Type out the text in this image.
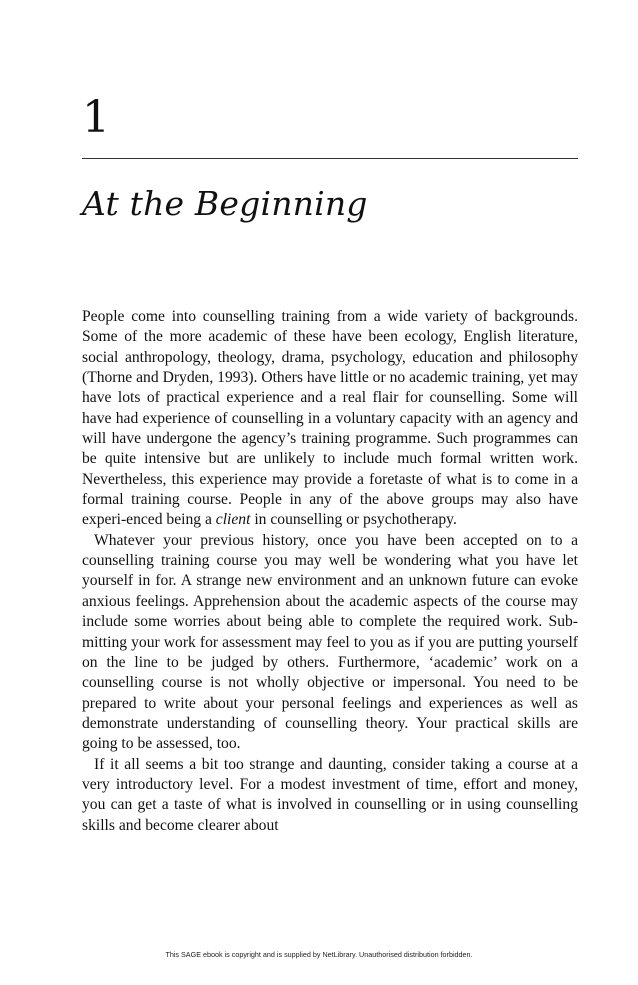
1
At the Beginning

People come into counselling training from a wide variety of backgrounds. Some of the more academic of these have been ecology, English literature, social anthropology, theology, drama, psychology, education and philosophy (Thorne and Dryden, 1993). Others have little or no academic training, yet may have lots of practical experience and a real flair for counselling. Some will have had experience of counselling in a voluntary capacity with an agency and will have undergone the agency’s training programme. Such programmes can be quite intensive but are unlikely to include much formal written work. Nevertheless, this experience may provide a foretaste of what is to come in a formal training course. People in any of the above groups may also have experi-enced being a client in counselling or psychotherapy.

Whatever your previous history, once you have been accepted on to a counselling training course you may well be wondering what you have let yourself in for. A strange new environment and an unknown future can evoke anxious feelings. Apprehension about the academic aspects of the course may include some worries about being able to complete the required work. Sub-mitting your work for assessment may feel to you as if you are putting yourself on the line to be judged by others. Furthermore, ‘academic’ work on a counselling course is not wholly objective or impersonal. You need to be prepared to write about your personal feelings and experiences as well as demonstrate understanding of counselling theory. Your practical skills are going to be assessed, too.

If it all seems a bit too strange and daunting, consider taking a course at a very introductory level. For a modest investment of time, effort and money, you can get a taste of what is involved in counselling or in using counselling skills and become clearer about

This SAGE ebook is copyright and is supplied by NetLibrary. Unauthorised distribution forbidden.
